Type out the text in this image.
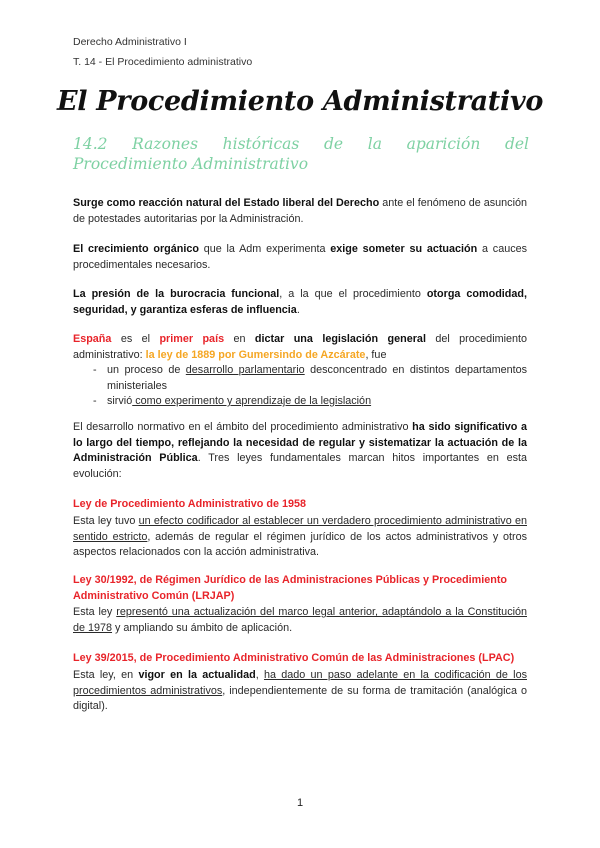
Derecho Administrativo I
T. 14 - El Procedimiento administrativo
El Procedimiento Administrativo
14.2 Razones históricas de la aparición del Procedimiento Administrativo
Surge como reacción natural del Estado liberal del Derecho ante el fenómeno de asunción de potestades autoritarias por la Administración.
El crecimiento orgánico que la Adm experimenta exige someter su actuación a cauces procedimentales necesarios.
La presión de la burocracia funcional, a la que el procedimiento otorga comodidad, seguridad, y garantiza esferas de influencia.
España es el primer país en dictar una legislación general del procedimiento administrativo: la ley de 1889 por Gumersindo de Azcárate, fue
- un proceso de desarrollo parlamentario desconcentrado en distintos departamentos ministeriales
- sirvió como experimento y aprendizaje de la legislación
El desarrollo normativo en el ámbito del procedimiento administrativo ha sido significativo a lo largo del tiempo, reflejando la necesidad de regular y sistematizar la actuación de la Administración Pública. Tres leyes fundamentales marcan hitos importantes en esta evolución:
Ley de Procedimiento Administrativo de 1958
Esta ley tuvo un efecto codificador al establecer un verdadero procedimiento administrativo en sentido estricto, además de regular el régimen jurídico de los actos administrativos y otros aspectos relacionados con la acción administrativa.
Ley 30/1992, de Régimen Jurídico de las Administraciones Públicas y Procedimiento Administrativo Común (LRJAP)
Esta ley representó una actualización del marco legal anterior, adaptándolo a la Constitución de 1978 y ampliando su ámbito de aplicación.
Ley 39/2015, de Procedimiento Administrativo Común de las Administraciones (LPAC)
Esta ley, en vigor en la actualidad, ha dado un paso adelante en la codificación de los procedimientos administrativos, independientemente de su forma de tramitación (analógica o digital).
1
